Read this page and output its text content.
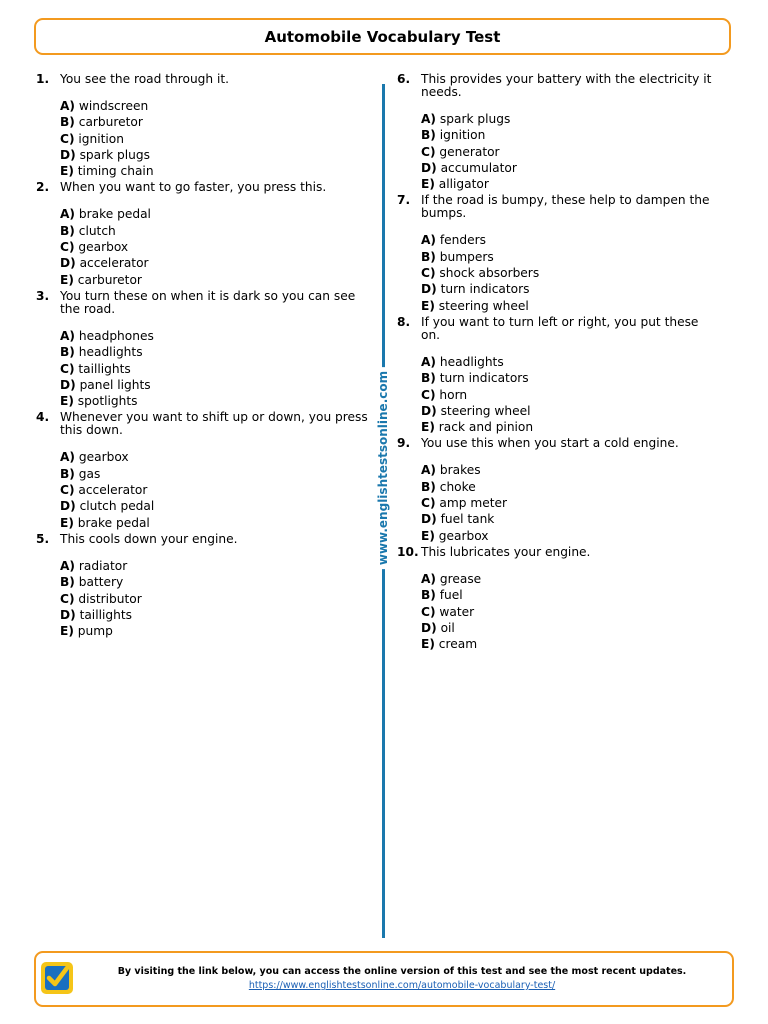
Automobile Vocabulary Test
www.englishtestsonline.com
1. You see the road through it.
A) windscreen
B) carburetor
C) ignition
D) spark plugs
E) timing chain
2. When you want to go faster, you press this.
A) brake pedal
B) clutch
C) gearbox
D) accelerator
E) carburetor
3. You turn these on when it is dark so you can see the road.
A) headphones
B) headlights
C) taillights
D) panel lights
E) spotlights
4. Whenever you want to shift up or down, you press this down.
A) gearbox
B) gas
C) accelerator
D) clutch pedal
E) brake pedal
5. This cools down your engine.
A) radiator
B) battery
C) distributor
D) taillights
E) pump
6. This provides your battery with the electricity it needs.
A) spark plugs
B) ignition
C) generator
D) accumulator
E) alligator
7. If the road is bumpy, these help to dampen the bumps.
A) fenders
B) bumpers
C) shock absorbers
D) turn indicators
E) steering wheel
8. If you want to turn left or right, you put these on.
A) headlights
B) turn indicators
C) horn
D) steering wheel
E) rack and pinion
9. You use this when you start a cold engine.
A) brakes
B) choke
C) amp meter
D) fuel tank
E) gearbox
10. This lubricates your engine.
A) grease
B) fuel
C) water
D) oil
E) cream
By visiting the link below, you can access the online version of this test and see the most recent updates.
https://www.englishtestsonline.com/automobile-vocabulary-test/
